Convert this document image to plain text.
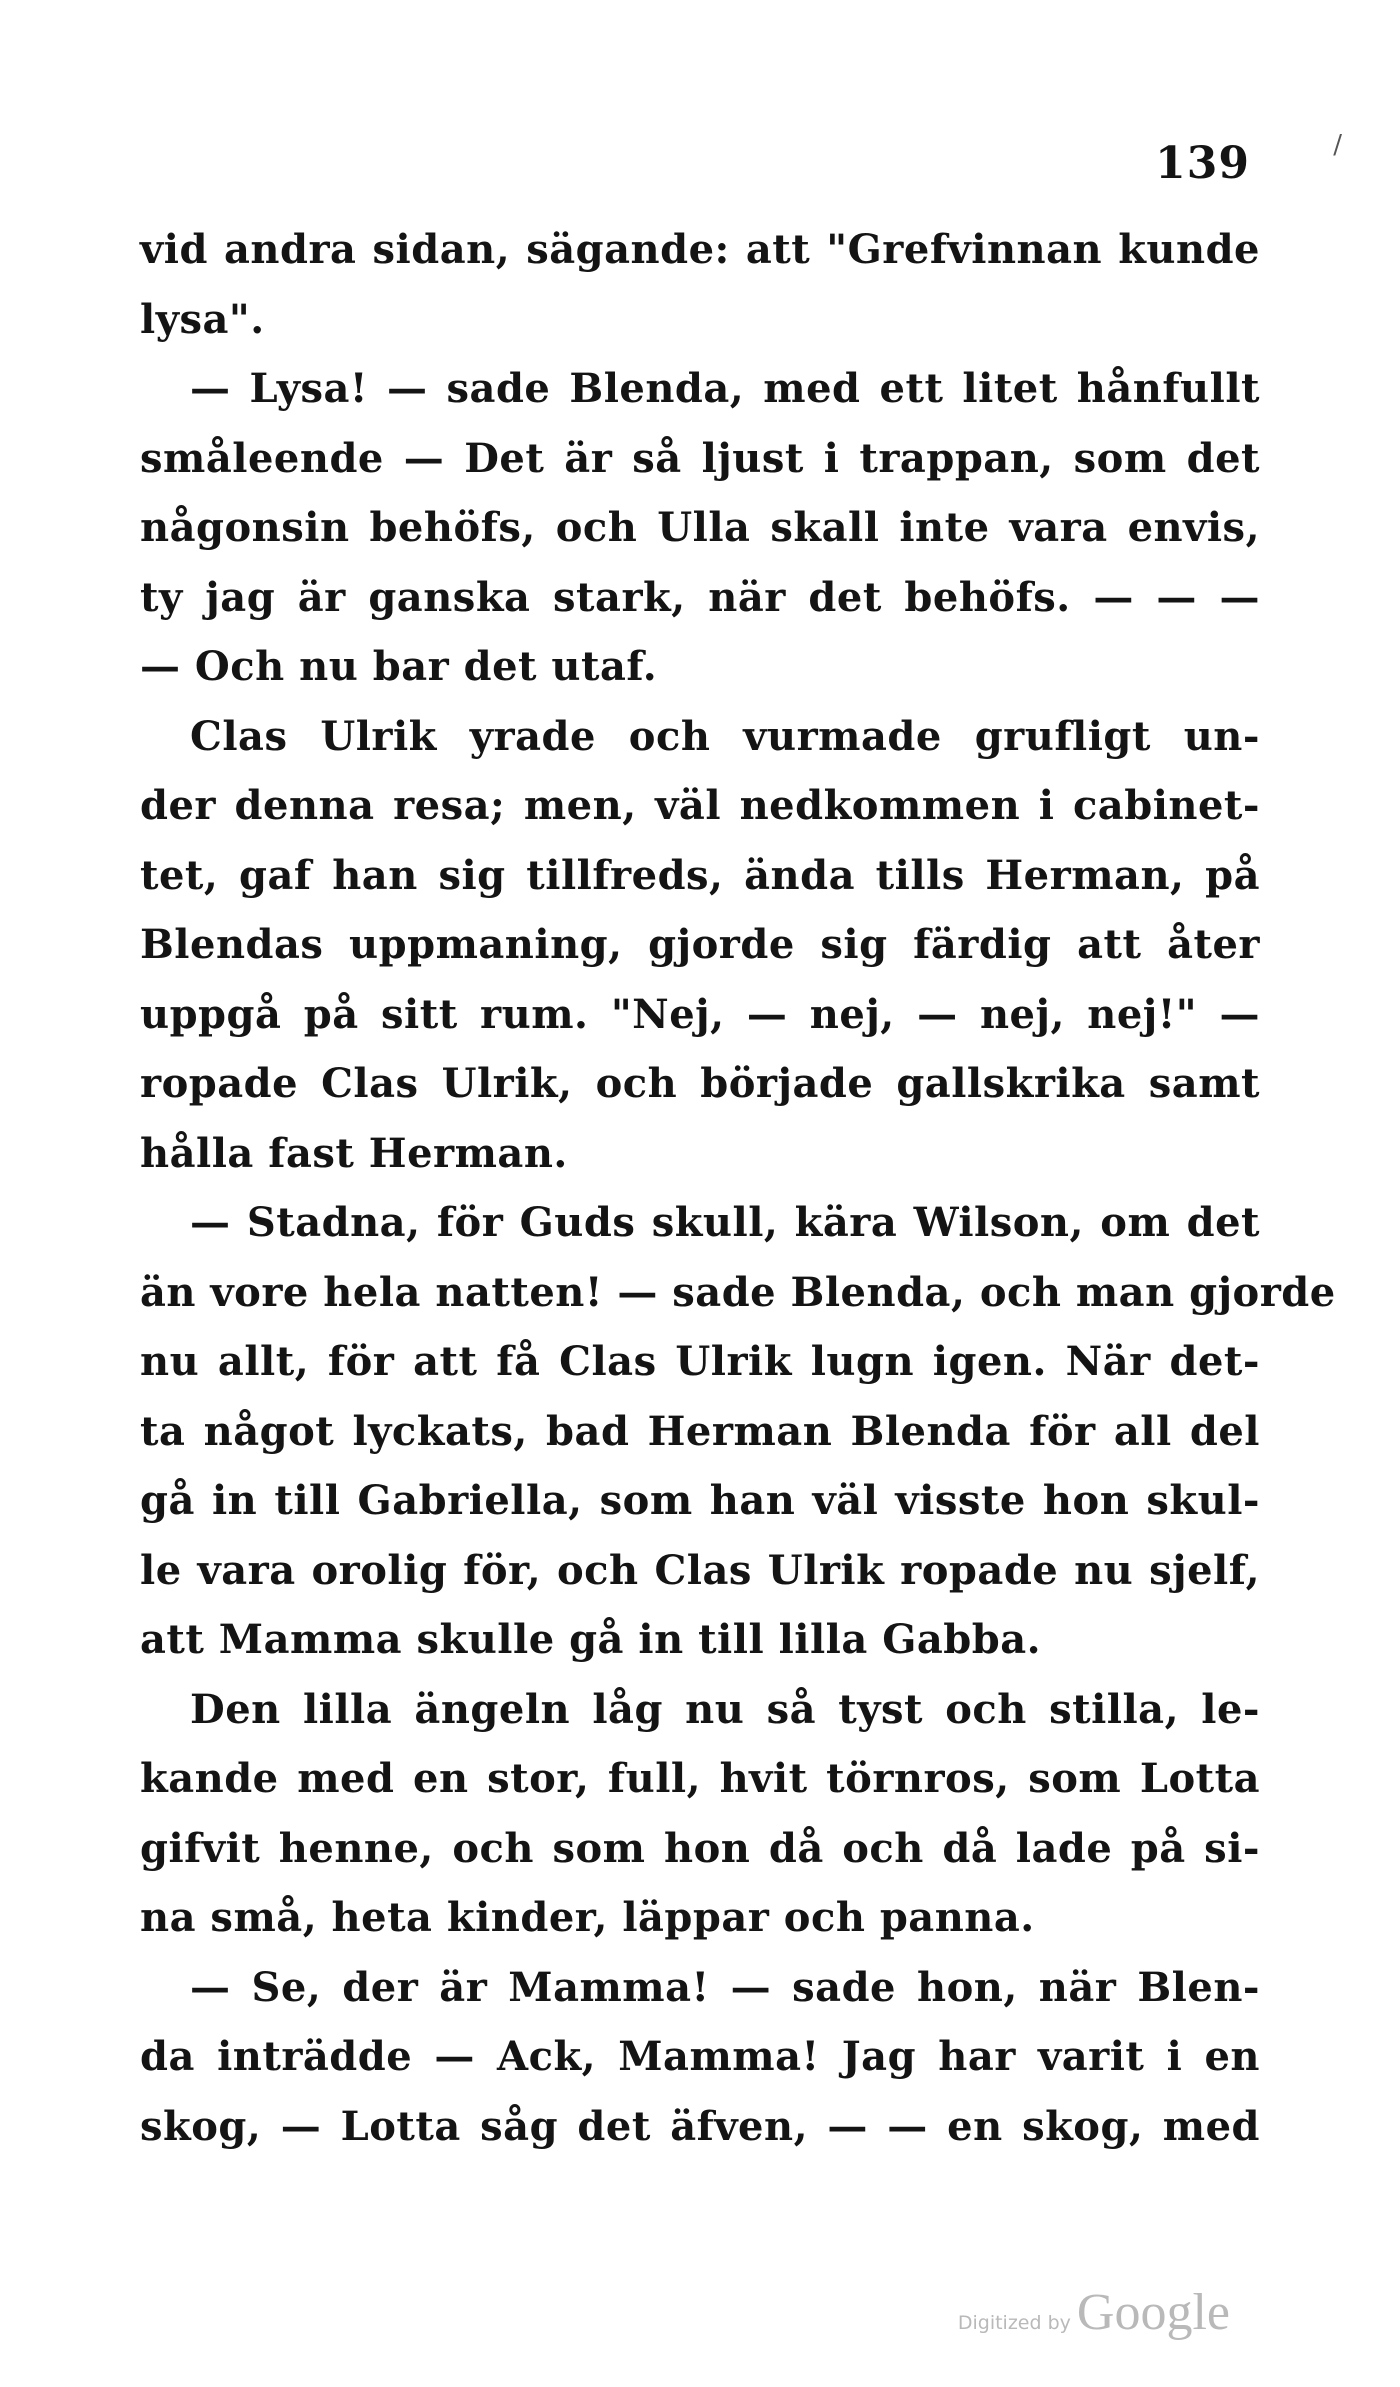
139	/
vid andra sidan, sägande: att "Grefvinnan kunde
lysa".
— Lysa! — sade Blenda, med ett litet hånfullt
småleende — Det är så ljust i trappan, som det
någonsin behöfs, och Ulla skall inte vara envis,
ty jag är ganska stark, när det behöfs. — — —
— Och nu bar det utaf.
Clas Ulrik yrade och vurmade grufligt un-
der denna resa; men, väl nedkommen i cabinet-
tet, gaf han sig tillfreds, ända tills Herman, på
Blendas uppmaning, gjorde sig färdig att åter
uppgå på sitt rum. "Nej, — nej, — nej, nej!" —
ropade Clas Ulrik, och började gallskrika samt
hålla fast Herman.
— Stadna, för Guds skull, kära Wilson, om det
än vore hela natten! — sade Blenda, och man gjorde
nu allt, för att få Clas Ulrik lugn igen. När det-
ta något lyckats, bad Herman Blenda för all del
gå in till Gabriella, som han väl visste hon skul-
le vara orolig för, och Clas Ulrik ropade nu sjelf,
att Mamma skulle gå in till lilla Gabba.
Den lilla ängeln låg nu så tyst och stilla, le-
kande med en stor, full, hvit törnros, som Lotta
gifvit henne, och som hon då och då lade på si-
na små, heta kinder, läppar och panna.
— Se, der är Mamma! — sade hon, när Blen-
da inträdde — Ack, Mamma! Jag har varit i en
skog, — Lotta såg det äfven, — — en skog, med
Digitized by Google
